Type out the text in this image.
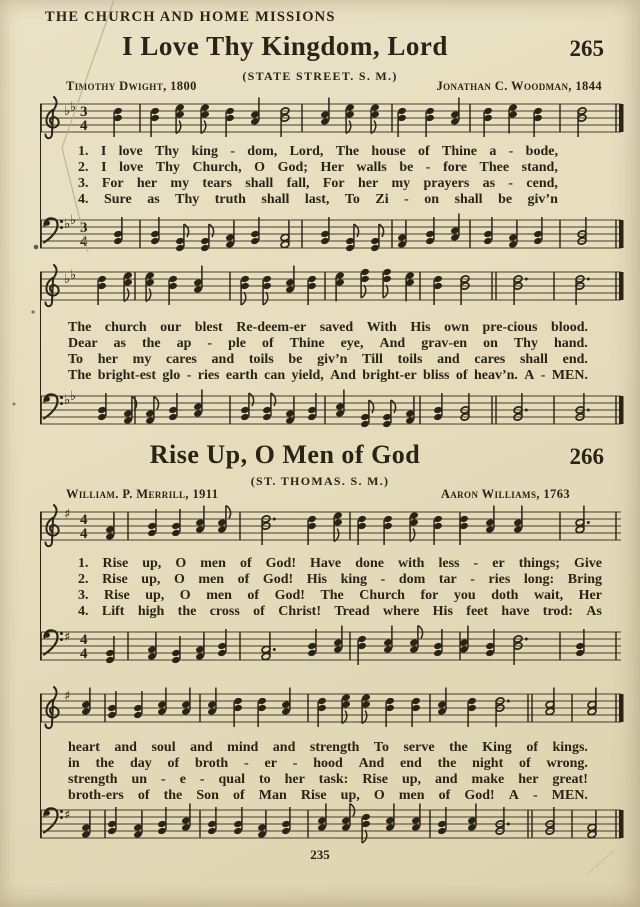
THE CHURCH AND HOME MISSIONS
I Love Thy Kingdom, Lord	265
(STATE STREET. S. M.)
Timothy Dwight, 1800	Jonathan C. Woodman, 1844
♭ ♭ 3
4
1. I love Thy king - dom, Lord, The house of Thine a - bode,
2. I love Thy Church, O God; Her walls be - fore Thee stand,
3. For her my tears shall fall, For her my prayers as - cend,
4. Sure as Thy truth shall last, To Zi - on shall be giv’n
♭ ♭ 3
4
♭ ♭
The church our blest Re-deem-er saved With His own pre-cious blood.
Dear as the ap - ple of Thine eye, And grav-en on Thy hand.
To her my cares and toils be giv’n Till toils and cares shall end.
The bright-est glo - ries earth can yield, And bright-er bliss of heav’n. A - MEN.
♭ ♭
Rise Up, O Men of God	266
(ST. THOMAS. S. M.)
William. P. Merrill, 1911	Aaron Williams, 1763
♯ 4
4
1. Rise up, O men of God! Have done with less - er things; Give
2. Rise up, O men of God! His king - dom tar - ries long: Bring
3. Rise up, O men of God! The Church for you doth wait, Her
4. Lift high the cross of Christ! Tread where His feet have trod: As
♯ 4
4
♯
heart and soul and mind and strength To serve the King of kings.
in the day of broth - er - hood And end the night of wrong.
strength un - e - qual to her task: Rise up, and make her great!
broth-ers of the Son of Man Rise up, O men of God! A - MEN.
♯
235
